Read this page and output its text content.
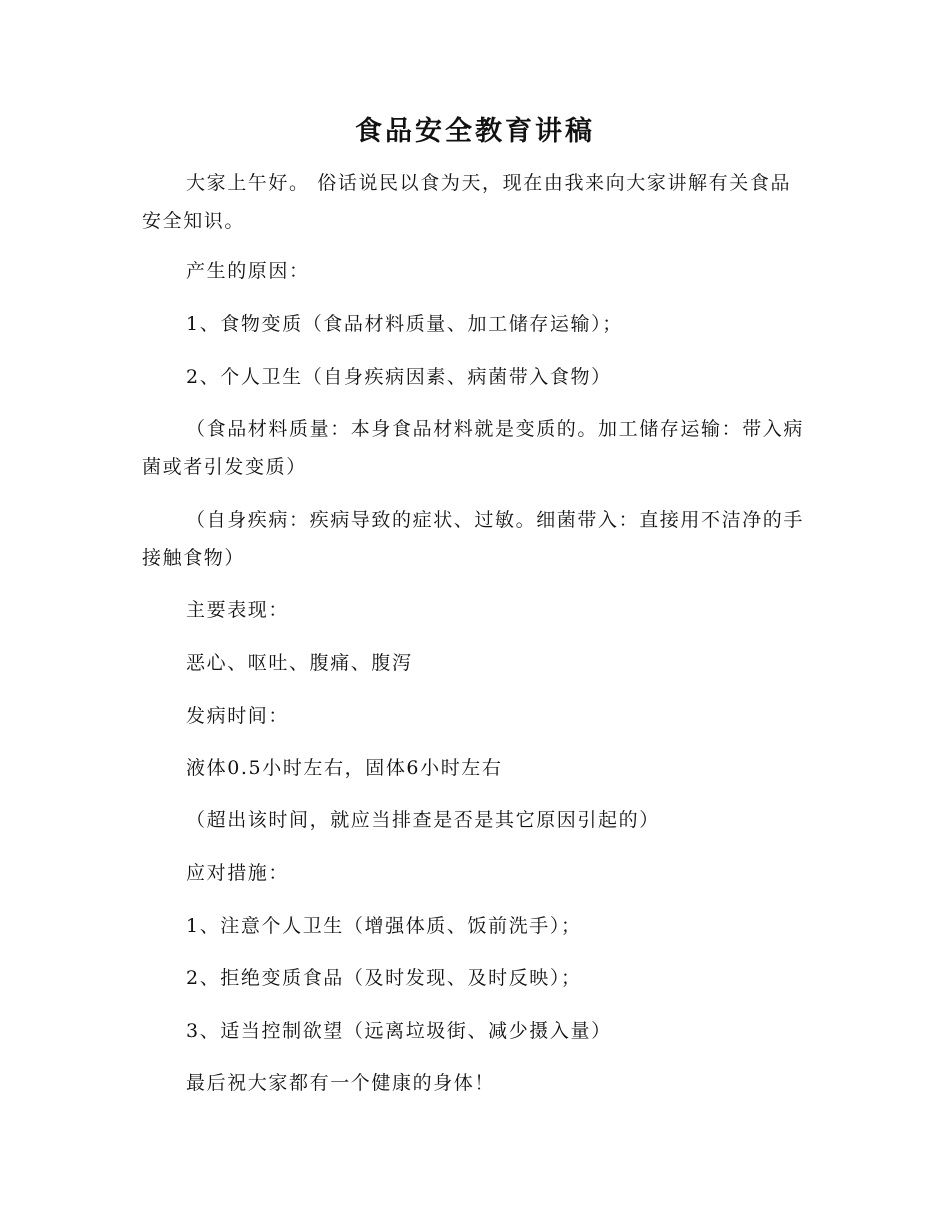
食品安全教育讲稿

大家上午好。 俗话说民以食为天，现在由我来向大家讲解有关食品安全知识。

产生的原因：

1、食物变质（食品材料质量、加工储存运输）；

2、个人卫生（自身疾病因素、病菌带入食物）

（食品材料质量：本身食品材料就是变质的。加工储存运输：带入病菌或者引发变质）

（自身疾病：疾病导致的症状、过敏。细菌带入：直接用不洁净的手接触食物）

主要表现：

恶心、呕吐、腹痛、腹泻

发病时间：

液体0.5小时左右，固体6小时左右

（超出该时间，就应当排查是否是其它原因引起的）

应对措施：

1、注意个人卫生（增强体质、饭前洗手）；

2、拒绝变质食品（及时发现、及时反映）；

3、适当控制欲望（远离垃圾街、减少摄入量）

最后祝大家都有一个健康的身体！
